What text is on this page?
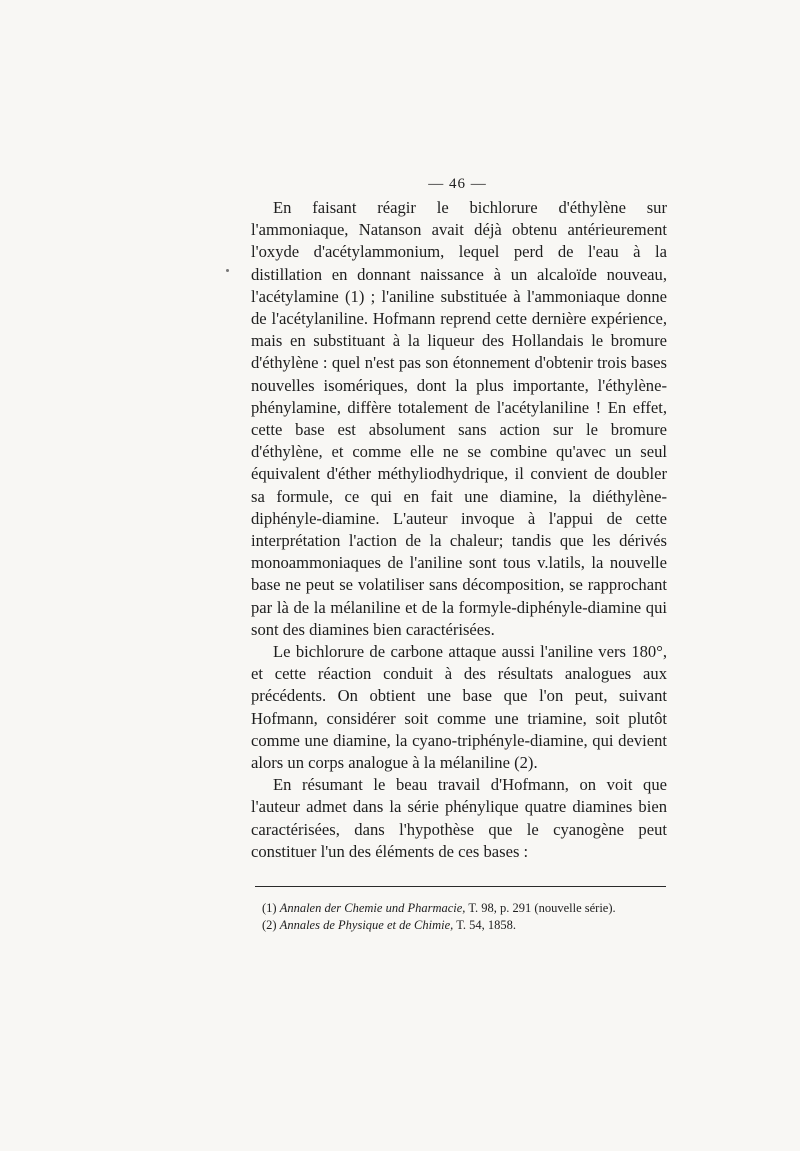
— 46 —

En faisant réagir le bichlorure d'éthylène sur l'ammoniaque, Natanson avait déjà obtenu antérieurement l'oxyde d'acétylammonium, lequel perd de l'eau à la distillation en donnant naissance à un alcaloïde nouveau, l'acétylamine (1) ; l'aniline substituée à l'ammoniaque donne de l'acétylaniline. Hofmann reprend cette dernière expérience, mais en substituant à la liqueur des Hollandais le bromure d'éthylène : quel n'est pas son étonnement d'obtenir trois bases nouvelles isomériques, dont la plus importante, l'éthylène-phénylamine, diffère totalement de l'acétylaniline ! En effet, cette base est absolument sans action sur le bromure d'éthylène, et comme elle ne se combine qu'avec un seul équivalent d'éther méthyliodhydrique, il convient de doubler sa formule, ce qui en fait une diamine, la diéthylène-diphényle-diamine. L'auteur invoque à l'appui de cette interprétation l'action de la chaleur; tandis que les dérivés monoammoniaques de l'aniline sont tous v.latils, la nouvelle base ne peut se volatiliser sans décomposition, se rapprochant par là de la mélaniline et de la formyle-diphényle-diamine qui sont des diamines bien caractérisées.

Le bichlorure de carbone attaque aussi l'aniline vers 180°, et cette réaction conduit à des résultats analogues aux précédents. On obtient une base que l'on peut, suivant Hofmann, considérer soit comme une triamine, soit plutôt comme une diamine, la cyano-triphényle-diamine, qui devient alors un corps analogue à la mélaniline (2).

En résumant le beau travail d'Hofmann, on voit que l'auteur admet dans la série phénylique quatre diamines bien caractérisées, dans l'hypothèse que le cyanogène peut constituer l'un des éléments de ces bases :

(1) Annalen der Chemie und Pharmacie, T. 98, p. 291 (nouvelle série).

(2) Annales de Physique et de Chimie, T. 54, 1858.
